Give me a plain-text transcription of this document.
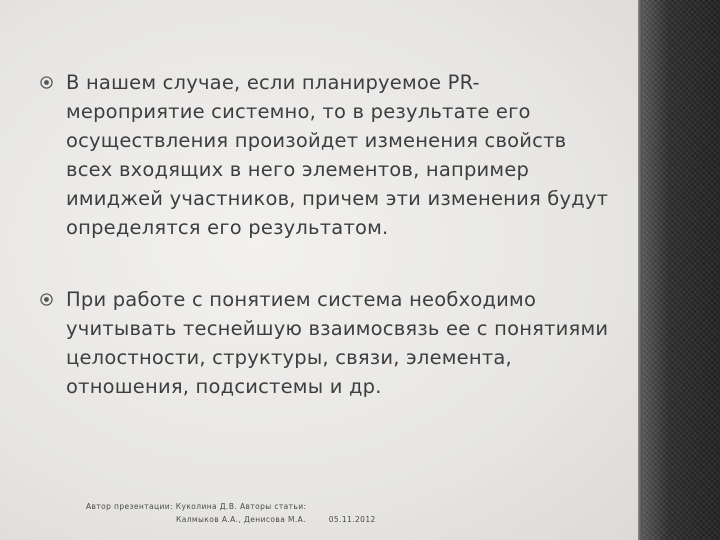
В нашем случае, если планируемое PR-мероприятие системно, то в результате его осуществления произойдет изменения свойств всех входящих в него элементов, например имиджей участников, причем эти изменения будут определятся его результатом.
При работе с понятием система необходимо учитывать теснейшую взаимосвязь ее с понятиями целостности, структуры, связи, элемента, отношения, подсистемы и др.
Автор презентации: Куколина Д.В. Авторы статьи:
Калмыков А.А., Денисова М.А.	05.11.2012
